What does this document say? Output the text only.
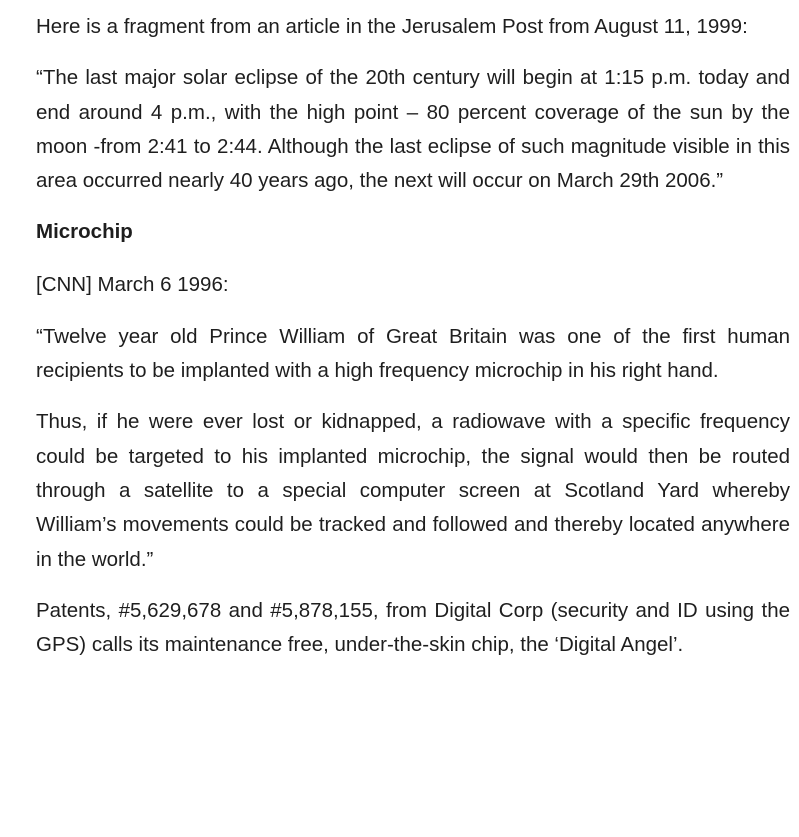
Here is a fragment from an article in the Jerusalem Post from August 11, 1999:

“The last major solar eclipse of the 20th century will begin at 1:15 p.m. today and end around 4 p.m., with the high point – 80 percent coverage of the sun by the moon -from 2:41 to 2:44. Although the last eclipse of such magnitude visible in this area occurred nearly 40 years ago, the next will occur on March 29th 2006.”

Microchip

[CNN] March 6 1996:

“Twelve year old Prince William of Great Britain was one of the first human recipients to be implanted with a high frequency microchip in his right hand.

Thus, if he were ever lost or kidnapped, a radiowave with a specific frequency could be targeted to his implanted microchip, the signal would then be routed through a satellite to a special computer screen at Scotland Yard whereby William’s movements could be tracked and followed and thereby located anywhere in the world.”

Patents, #5,629,678 and #5,878,155, from Digital Corp (security and ID using the GPS) calls its maintenance free, under-the-skin chip, the ‘Digital Angel’.
